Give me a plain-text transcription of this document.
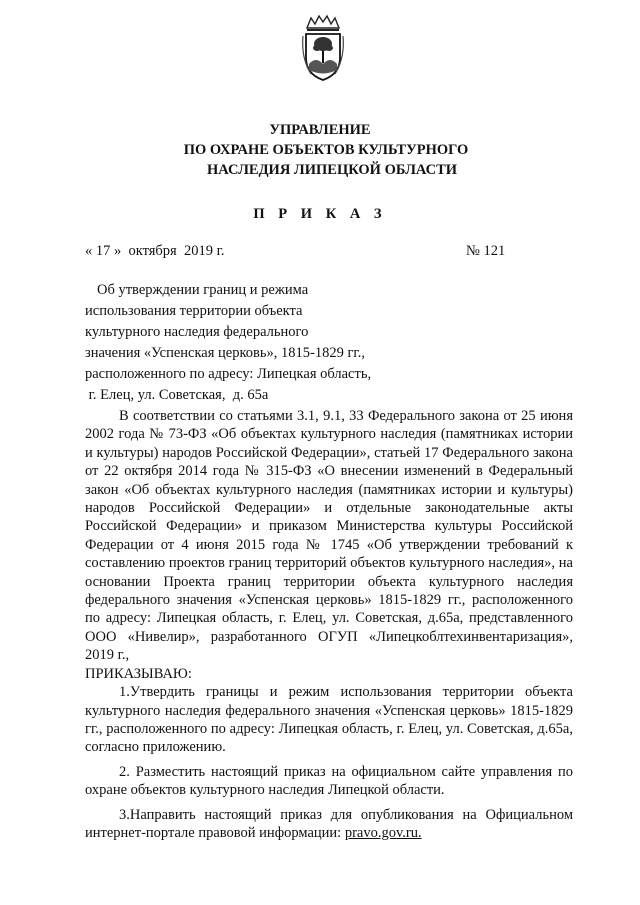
УПРАВЛЕНИЕ
ПО ОХРАНЕ ОБЪЕКТОВ КУЛЬТУРНОГО
НАСЛЕДИЯ ЛИПЕЦКОЙ ОБЛАСТИ
П Р И К А З
« 17 »  октября  2019 г.	№ 121
Об утверждении границ и режима
использования территории объекта
культурного наследия федерального
значения «Успенская церковь», 1815-1829 гг.,
расположенного по адресу: Липецкая область,
г. Елец, ул. Советская,  д. 65а

В соответствии со статьями 3.1, 9.1, 33 Федерального закона от 25 июня 2002 года № 73-ФЗ «Об объектах культурного наследия (памятниках истории и культуры) народов Российской Федерации», статьей 17 Федерального закона от 22 октября 2014 года № 315-ФЗ «О внесении изменений в Федеральный закон «Об объектах культурного наследия (памятниках истории и культуры) народов Российской Федерации» и отдельные законодательные акты Российской Федерации» и приказом Министерства культуры Российской Федерации от 4 июня 2015 года № 1745 «Об утверждении требований к составлению проектов границ территорий объектов культурного наследия», на основании Проекта границ территории объекта культурного наследия федерального значения «Успенская церковь» 1815-1829 гг., расположенного по адресу: Липецкая область, г. Елец, ул. Советская, д.65а, представленного ООО «Нивелир», разработанного ОГУП «Липецкоблтехинвентаризация», 2019 г.,

ПРИКАЗЫВАЮ:

1.Утвердить границы и режим использования территории объекта культурного наследия федерального значения «Успенская церковь» 1815-1829 гг., расположенного по адресу: Липецкая область, г. Елец, ул. Советская, д.65а, согласно приложению.

2. Разместить настоящий приказ на официальном сайте управления по охране объектов культурного наследия Липецкой области.

3.Направить настоящий приказ для опубликования на Официальном интернет-портале правовой информации: pravo.gov.ru.
